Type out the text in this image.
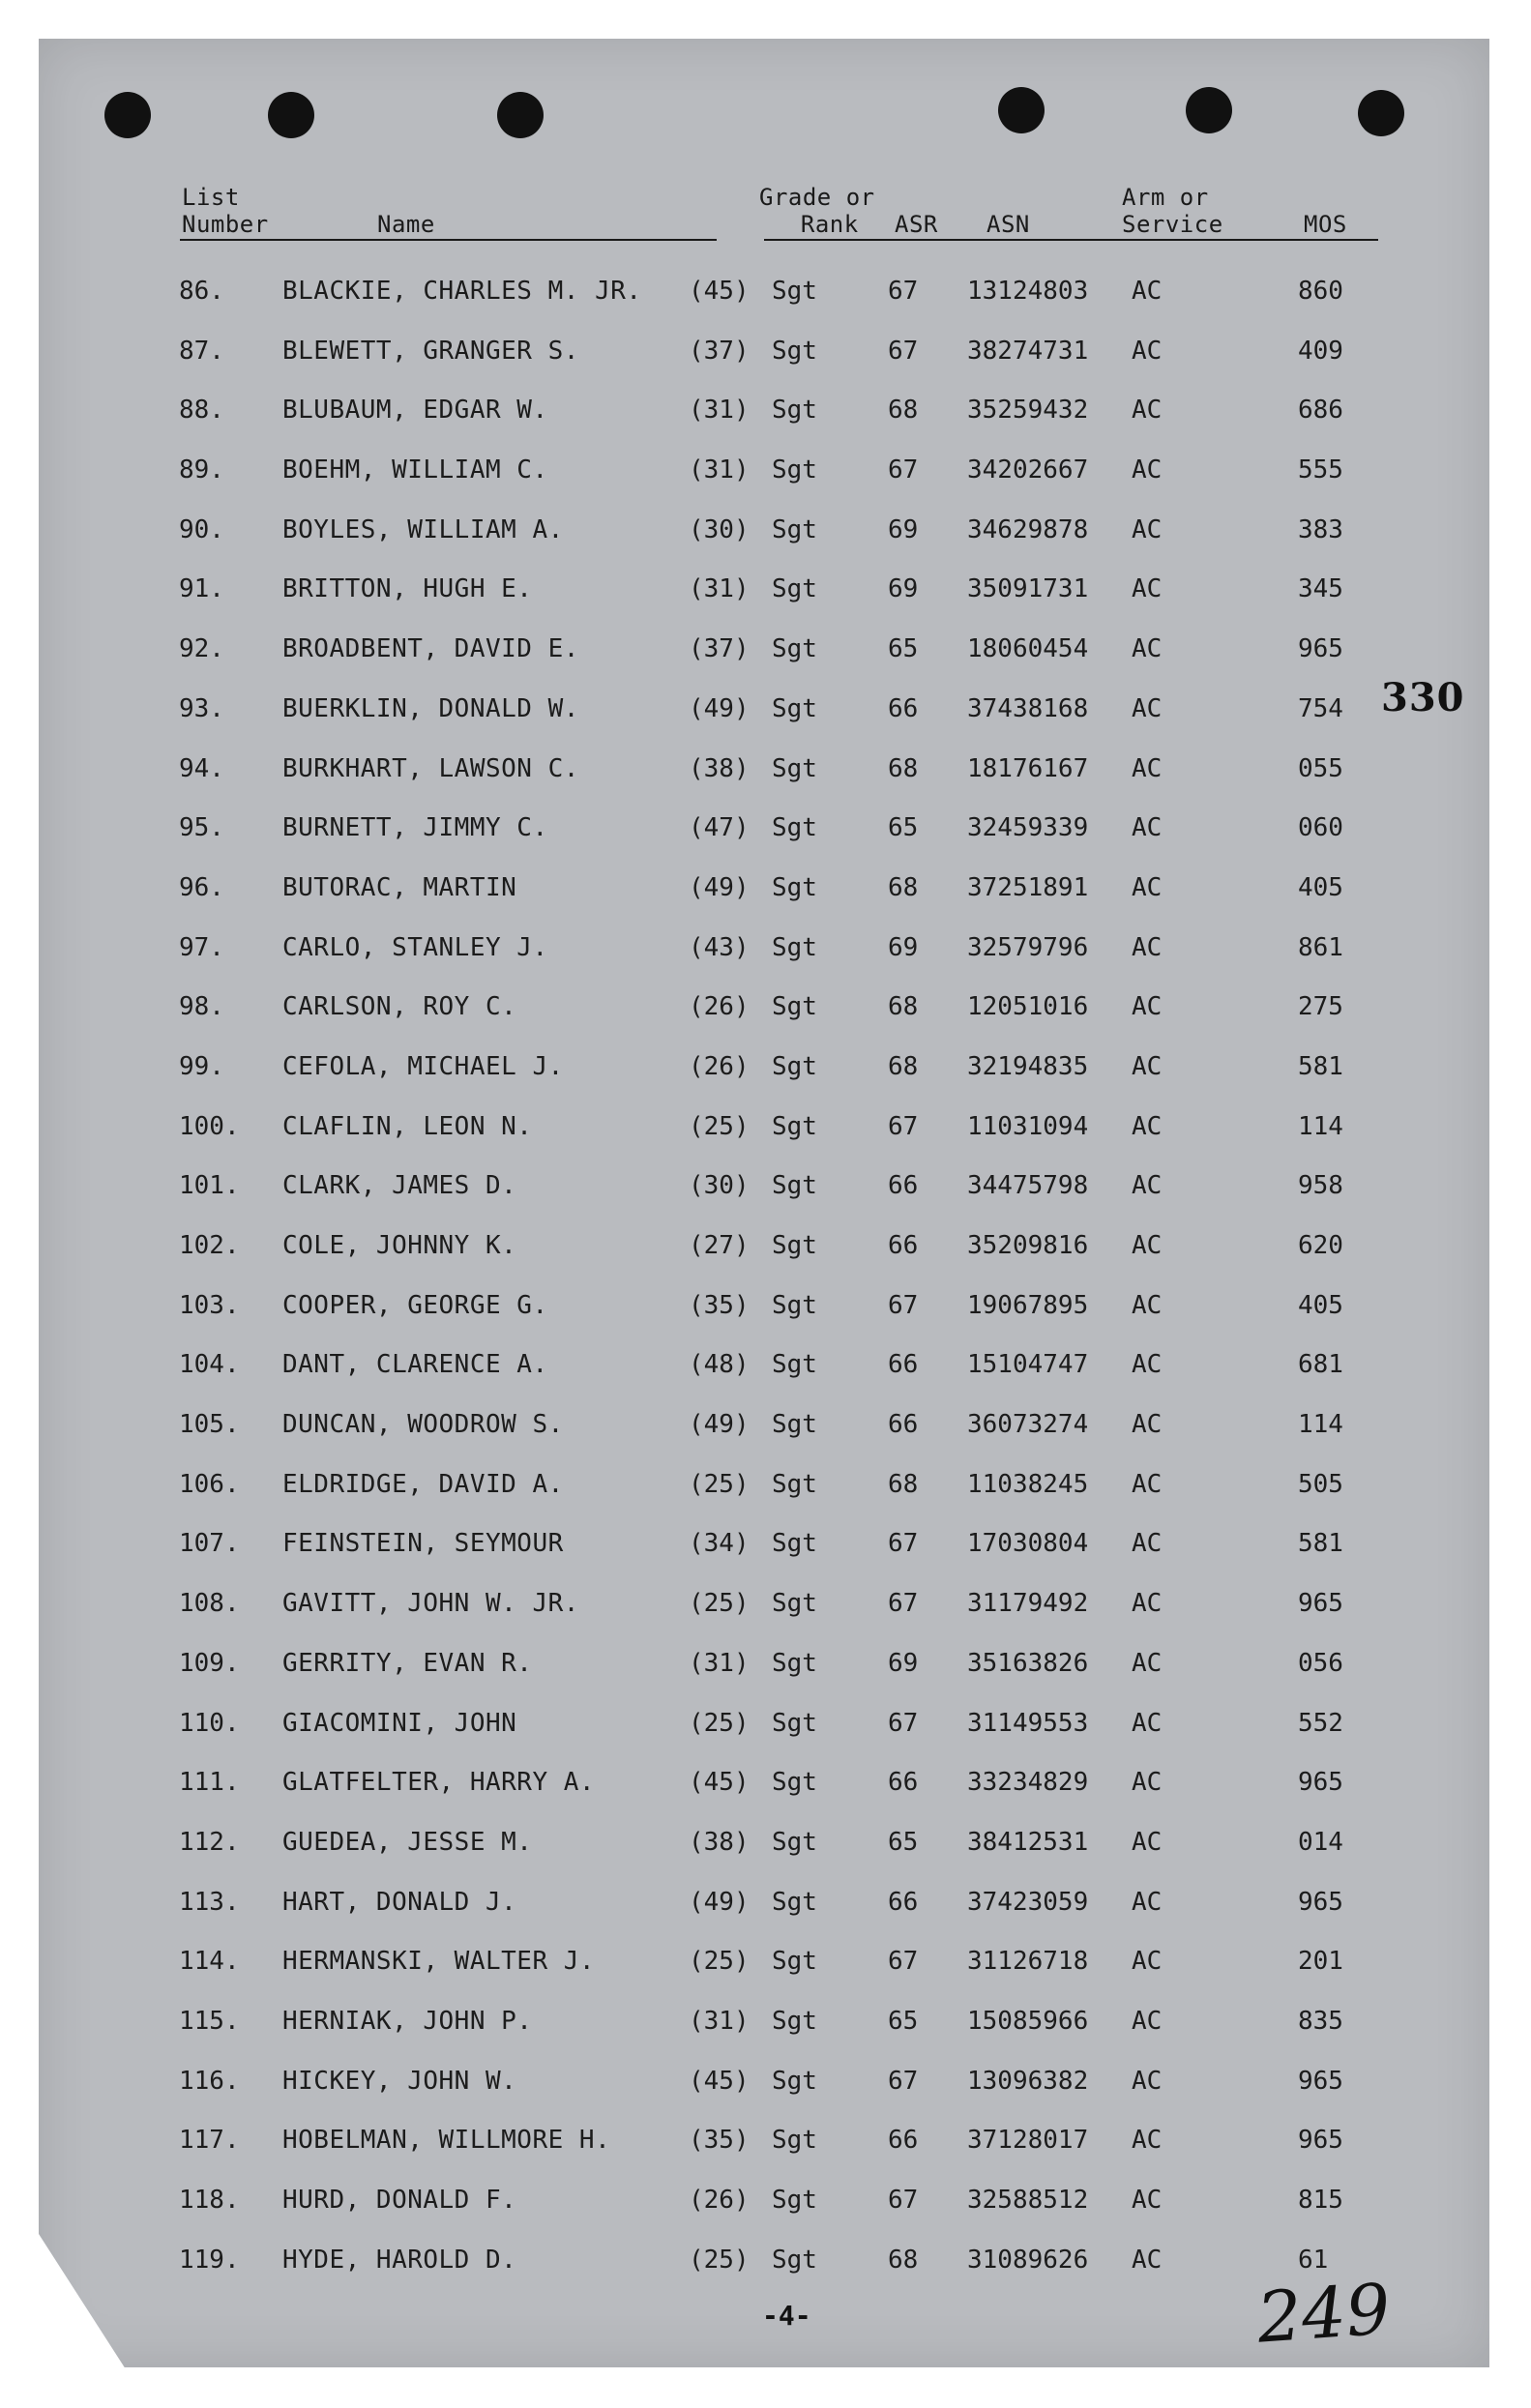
List
Number	Name
Grade or
Rank	ASR ASN
Arm or
Service	MOS
86. BLACKIE, CHARLES M. JR. (45) Sgt	67 13124803 AC	860
87. BLEWETT, GRANGER S.	(37) Sgt	67 38274731 AC	409
88. BLUBAUM, EDGAR W.	(31) Sgt	68 35259432 AC	686
89. BOEHM, WILLIAM C.	(31) Sgt	67 34202667 AC	555
90. BOYLES, WILLIAM A.	(30) Sgt	69 34629878 AC	383
91. BRITTON, HUGH E.	(31) Sgt	69 35091731 AC	345
92. BROADBENT, DAVID E.	(37) Sgt	65 18060454 AC	965
93. BUERKLIN, DONALD W.	(49) Sgt	66 37438168 AC	754
94. BURKHART, LAWSON C.	(38) Sgt	68 18176167 AC	055
95. BURNETT, JIMMY C.	(47) Sgt	65 32459339 AC	060
96. BUTORAC, MARTIN	(49) Sgt	68 37251891 AC	405
97. CARLO, STANLEY J.	(43) Sgt	69 32579796 AC	861
98. CARLSON, ROY C.	(26) Sgt	68 12051016 AC	275
99. CEFOLA, MICHAEL J.	(26) Sgt	68 32194835 AC	581
100. CLAFLIN, LEON N.	(25) Sgt	67 11031094 AC	114
101. CLARK, JAMES D.	(30) Sgt	66 34475798 AC	958
102. COLE, JOHNNY K.	(27) Sgt	66 35209816 AC	620
103. COOPER, GEORGE G.	(35) Sgt	67 19067895 AC	405
104. DANT, CLARENCE A.	(48) Sgt	66 15104747 AC	681
105. DUNCAN, WOODROW S.	(49) Sgt	66 36073274 AC	114
106. ELDRIDGE, DAVID A.	(25) Sgt	68 11038245 AC	505
107. FEINSTEIN, SEYMOUR	(34) Sgt	67 17030804 AC	581
108. GAVITT, JOHN W. JR.	(25) Sgt	67 31179492 AC	965
109. GERRITY, EVAN R.	(31) Sgt	69 35163826 AC	056
110. GIACOMINI, JOHN	(25) Sgt	67 31149553 AC	552
111. GLATFELTER, HARRY A.	(45) Sgt	66 33234829 AC	965
112. GUEDEA, JESSE M.	(38) Sgt	65 38412531 AC	014
113. HART, DONALD J.	(49) Sgt	66 37423059 AC	965
114. HERMANSKI, WALTER J.	(25) Sgt	67 31126718 AC	201
115. HERNIAK, JOHN P.	(31) Sgt	65 15085966 AC	835
116. HICKEY, JOHN W.	(45) Sgt	67 13096382 AC	965
117. HOBELMAN, WILLMORE H.	(35) Sgt	66 37128017 AC	965
118. HURD, DONALD F.	(26) Sgt	67 32588512 AC	815
119. HYDE, HAROLD D.	(25) Sgt	68 31089626 AC	61
330
-4-	249
